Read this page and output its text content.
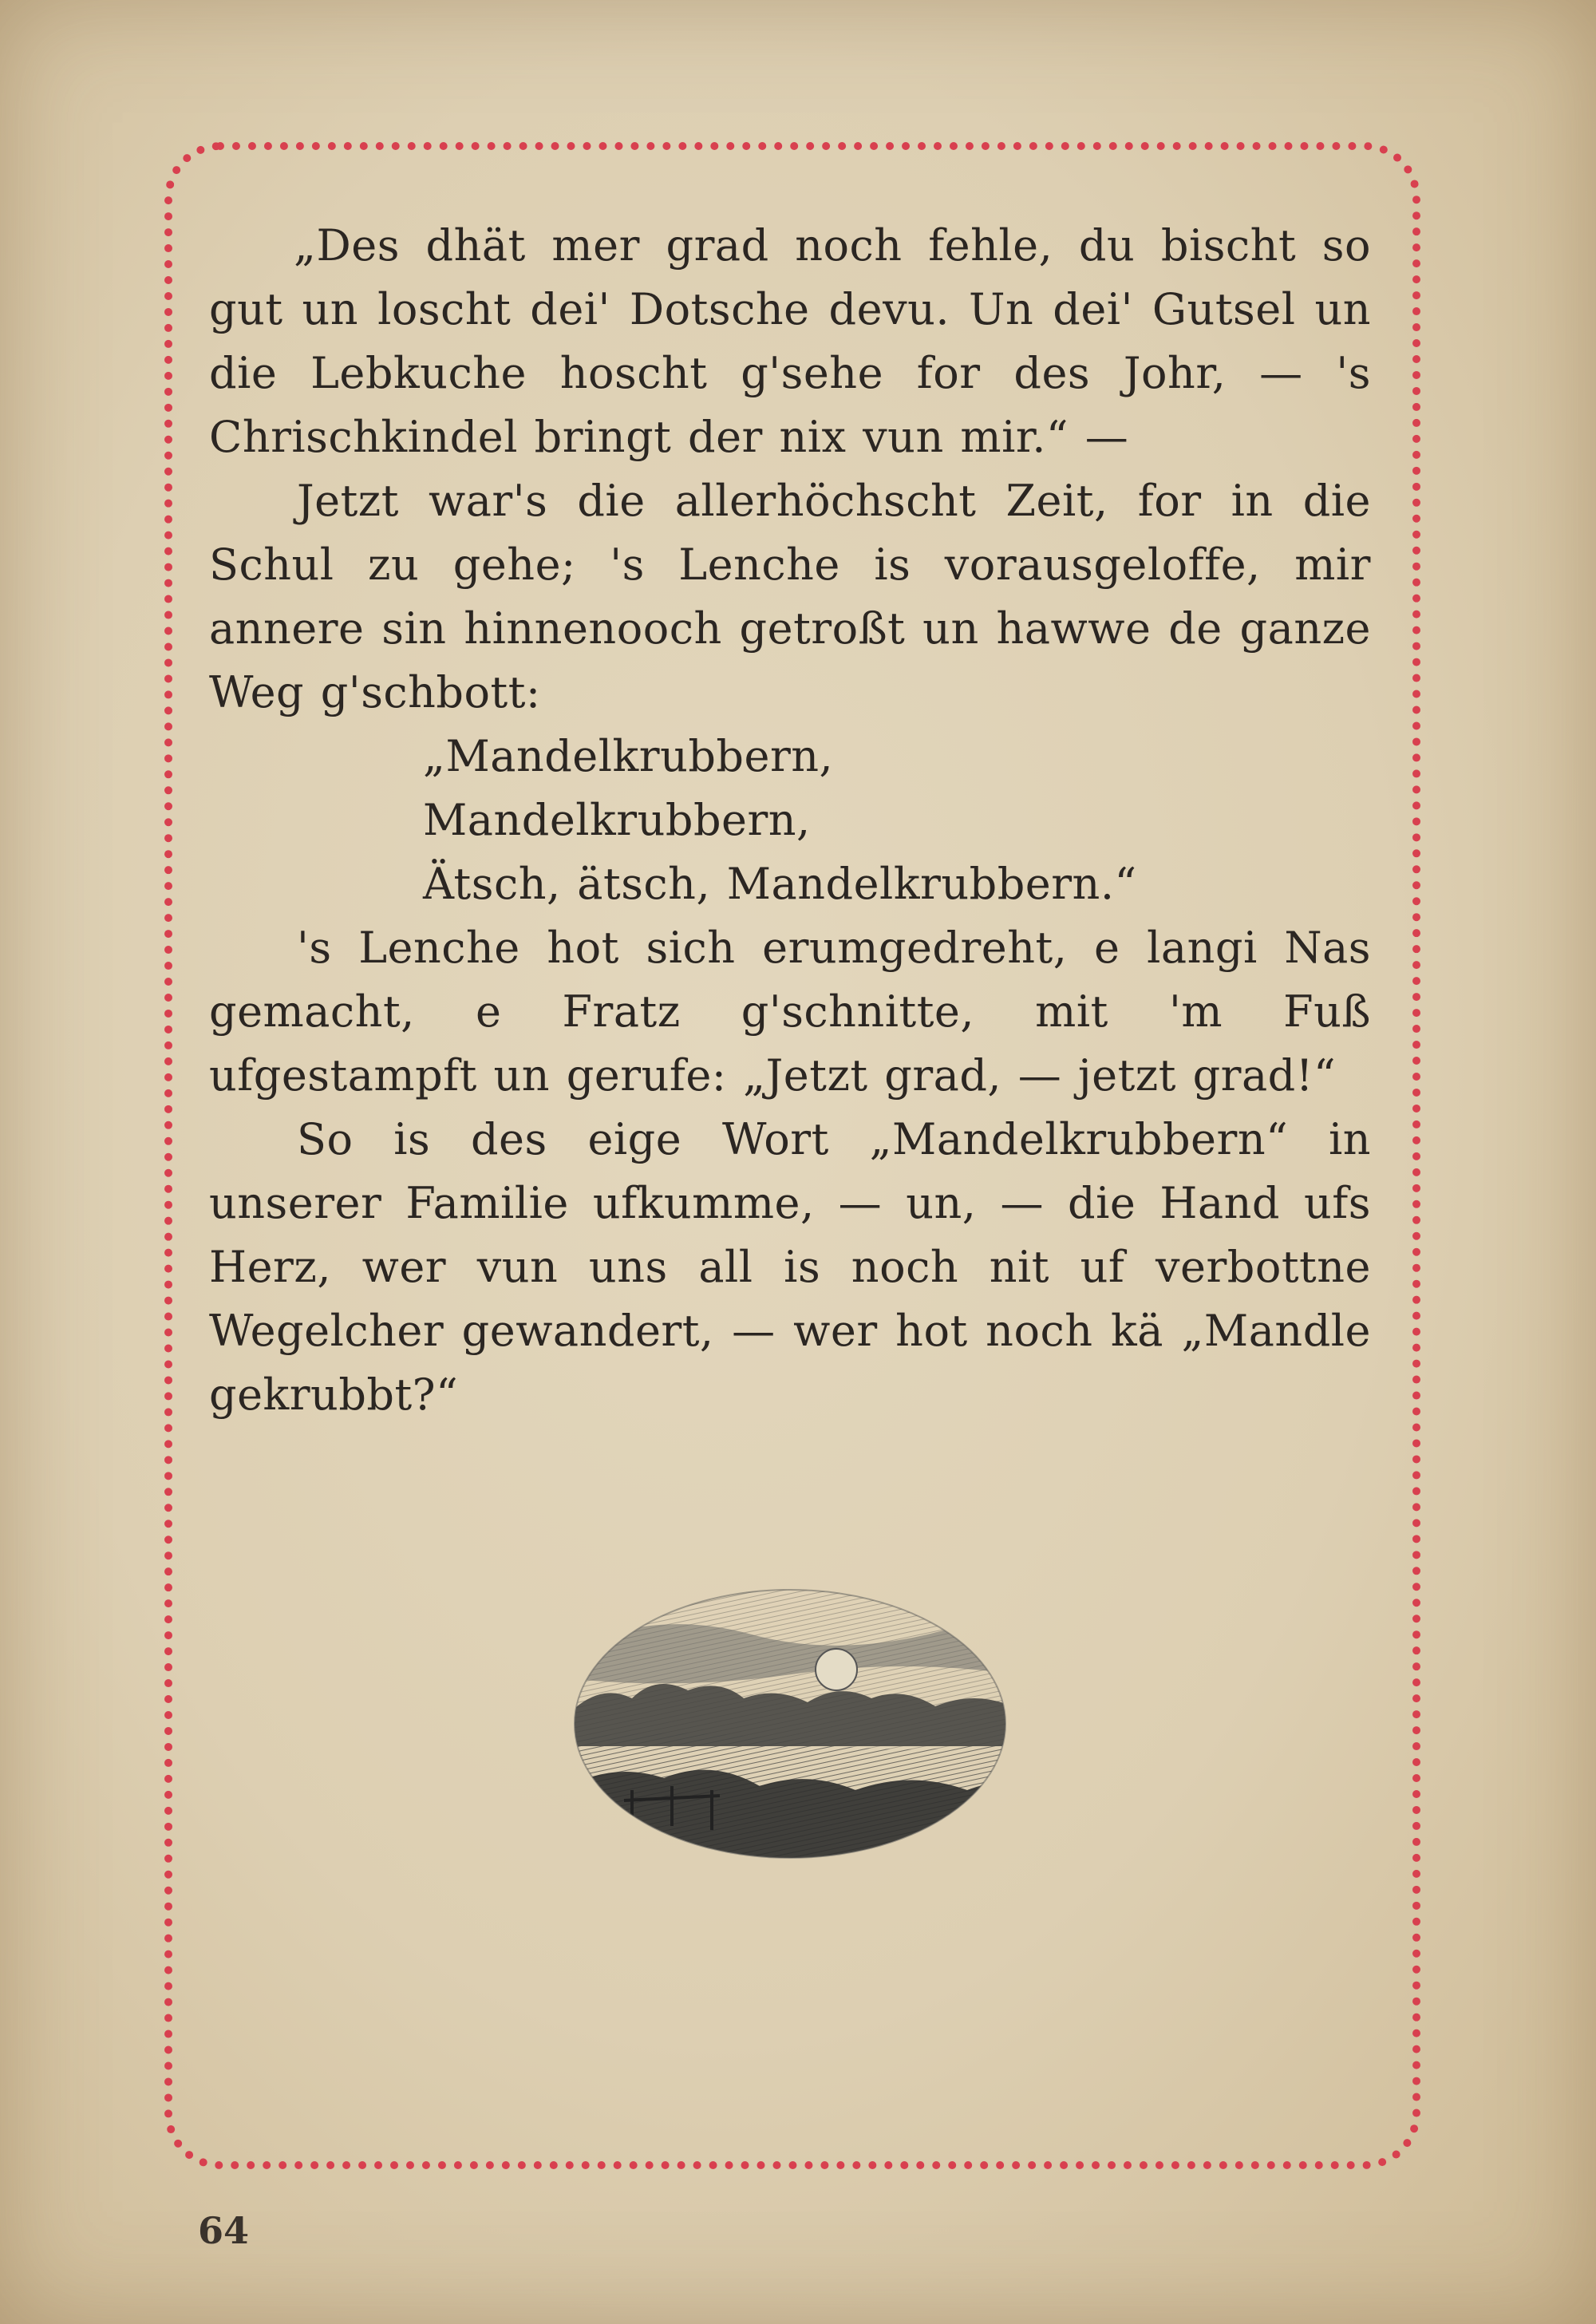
„Des dhät mer grad noch fehle, du bischt so gut un loscht dei' Dotsche devu. Un dei' Gutsel un die Lebkuche hoscht g'sehe for des Johr, — 's Chrischkindel bringt der nix vun mir.“ —

Jetzt war's die allerhöchscht Zeit, for in die Schul zu gehe; 's Lenche is vorausgeloffe, mir annere sin hinnenooch getroßt un hawwe de ganze Weg g'schbott:

„Mandelkrubbern,
Mandelkrubbern,
Ätsch, ätsch, Mandelkrubbern.“

's Lenche hot sich erumgedreht, e langi Nas gemacht, e Fratz g'schnitte, mit 'm Fuß ufgestampft un gerufe: „Jetzt grad, — jetzt grad!“

So is des eige Wort „Mandelkrubbern“ in unserer Familie ufkumme, — un, — die Hand ufs Herz, wer vun uns all is noch nit uf verbottne Wegelcher gewandert, — wer hot noch kä „Mandle gekrubbt?“

64
